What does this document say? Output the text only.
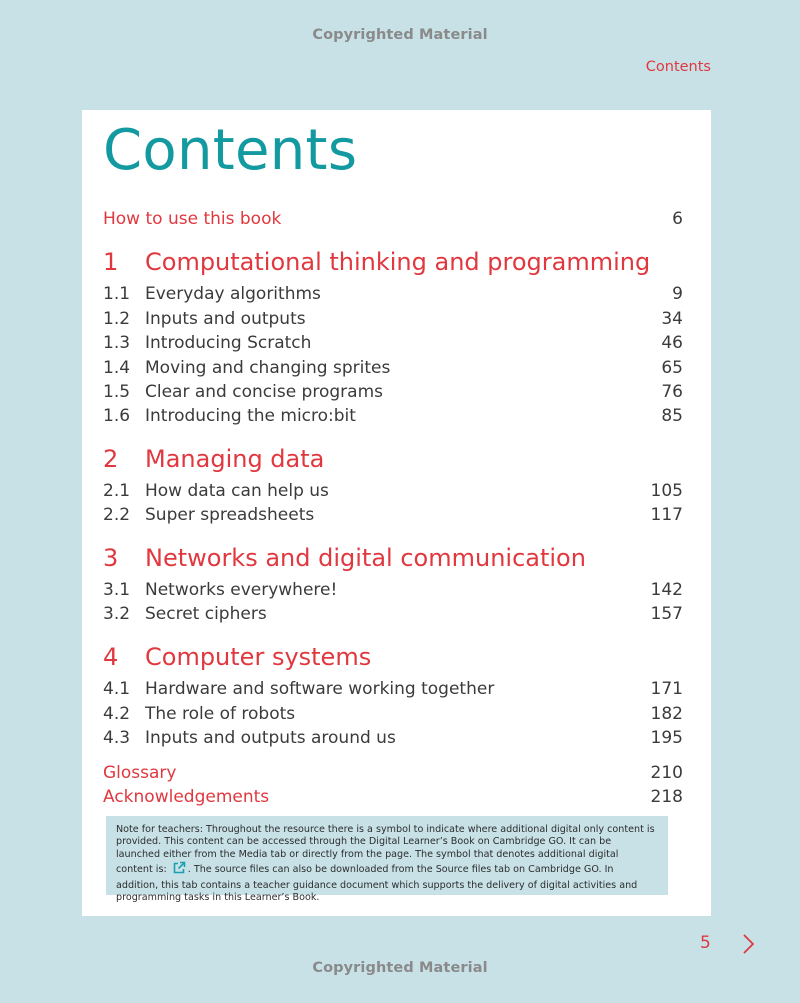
Copyrighted Material
Contents
Contents
How to use this book	6
1 Computational thinking and programming
1.1 Everyday algorithms	9
1.2 Inputs and outputs	34
1.3 Introducing Scratch	46
1.4 Moving and changing sprites	65
1.5 Clear and concise programs	76
1.6 Introducing the micro:bit	85
2 Managing data
2.1 How data can help us	105
2.2 Super spreadsheets	117
3 Networks and digital communication
3.1 Networks everywhere!	142
3.2 Secret ciphers	157
4 Computer systems
4.1 Hardware and software working together	171
4.2 The role of robots	182
4.3 Inputs and outputs around us	195
Glossary	210
Acknowledgements	218
Note for teachers: Throughout the resource there is a symbol to indicate where additional digital only content is provided. This content can be accessed through the Digital Learner’s Book on Cambridge GO. It can be launched either from the Media tab or directly from the page. The symbol that denotes additional digital content is: . The source files can also be downloaded from the Source files tab on Cambridge GO. In addition, this tab contains a teacher guidance document which supports the delivery of digital activities and programming tasks in this Learner’s Book.
5
Copyrighted Material
